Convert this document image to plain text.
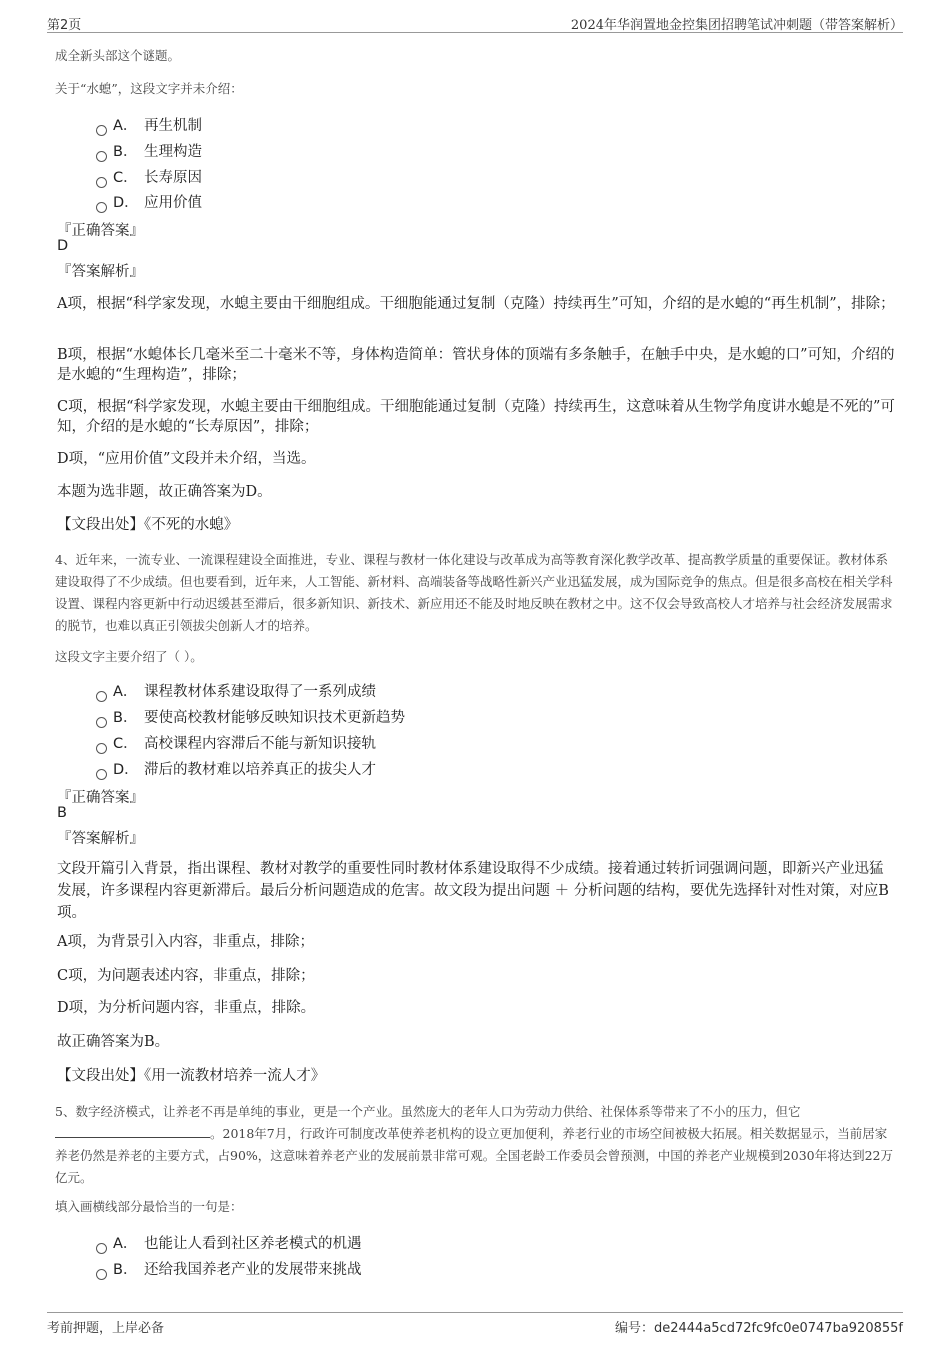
第2页	2024年华润置地金控集团招聘笔试冲刺题（带答案解析）
成全新头部这个谜题。
关于“水螅”，这段文字并未介绍：
A． 再生机制
B． 生理构造
C． 长寿原因
D． 应用价值
『正确答案』
D
『答案解析』
A项，根据“科学家发现，水螅主要由干细胞组成。干细胞能通过复制（克隆）持续再生”可知，介绍的是水螅的“再生机制”，排除；
B项，根据“水螅体长几毫米至二十毫米不等，身体构造简单：管状身体的顶端有多条触手，在触手中央，是水螅的口”可知，介绍的是水螅的“生理构造”，排除；
C项，根据“科学家发现，水螅主要由干细胞组成。干细胞能通过复制（克隆）持续再生，这意味着从生物学角度讲水螅是不死的”可知，介绍的是水螅的“长寿原因”，排除；
D项，“应用价值”文段并未介绍，当选。
本题为选非题，故正确答案为D。
【文段出处】《不死的水螅》
4、近年来，一流专业、一流课程建设全面推进，专业、课程与教材一体化建设与改革成为高等教育深化教学改革、提高教学质量的重要保证。教材体系建设取得了不少成绩。但也要看到，近年来，人工智能、新材料、高端装备等战略性新兴产业迅猛发展，成为国际竞争的焦点。但是很多高校在相关学科设置、课程内容更新中行动迟缓甚至滞后，很多新知识、新技术、新应用还不能及时地反映在教材之中。这不仅会导致高校人才培养与社会经济发展需求的脱节，也难以真正引领拔尖创新人才的培养。
这段文字主要介绍了（ ）。
A． 课程教材体系建设取得了一系列成绩
B． 要使高校教材能够反映知识技术更新趋势
C． 高校课程内容滞后不能与新知识接轨
D． 滞后的教材难以培养真正的拔尖人才
『正确答案』
B
『答案解析』
文段开篇引入背景，指出课程、教材对教学的重要性同时教材体系建设取得不少成绩。接着通过转折词强调问题，即新兴产业迅猛发展，许多课程内容更新滞后。最后分析问题造成的危害。故文段为提出问题 ＋ 分析问题的结构，要优先选择针对性对策，对应B项。
A项，为背景引入内容，非重点，排除；
C项，为问题表述内容，非重点，排除；
D项，为分析问题内容，非重点，排除。
故正确答案为B。
【文段出处】《用一流教材培养一流人才》
5、数字经济模式，让养老不再是单纯的事业，更是一个产业。虽然庞大的老年人口为劳动力供给、社保体系等带来了不小的压力，但它
。2018年7月，行政许可制度改革使养老机构的设立更加便利，养老行业的市场空间被极大拓展。相关数据显示，当前居家养老仍然是养老的主要方式，占90%，这意味着养老产业的发展前景非常可观。全国老龄工作委员会曾预测，中国的养老产业规模到2030年将达到22万亿元。
填入画横线部分最恰当的一句是：
A． 也能让人看到社区养老模式的机遇
B． 还给我国养老产业的发展带来挑战
考前押题，上岸必备	编号：de2444a5cd72fc9fc0e0747ba920855f
